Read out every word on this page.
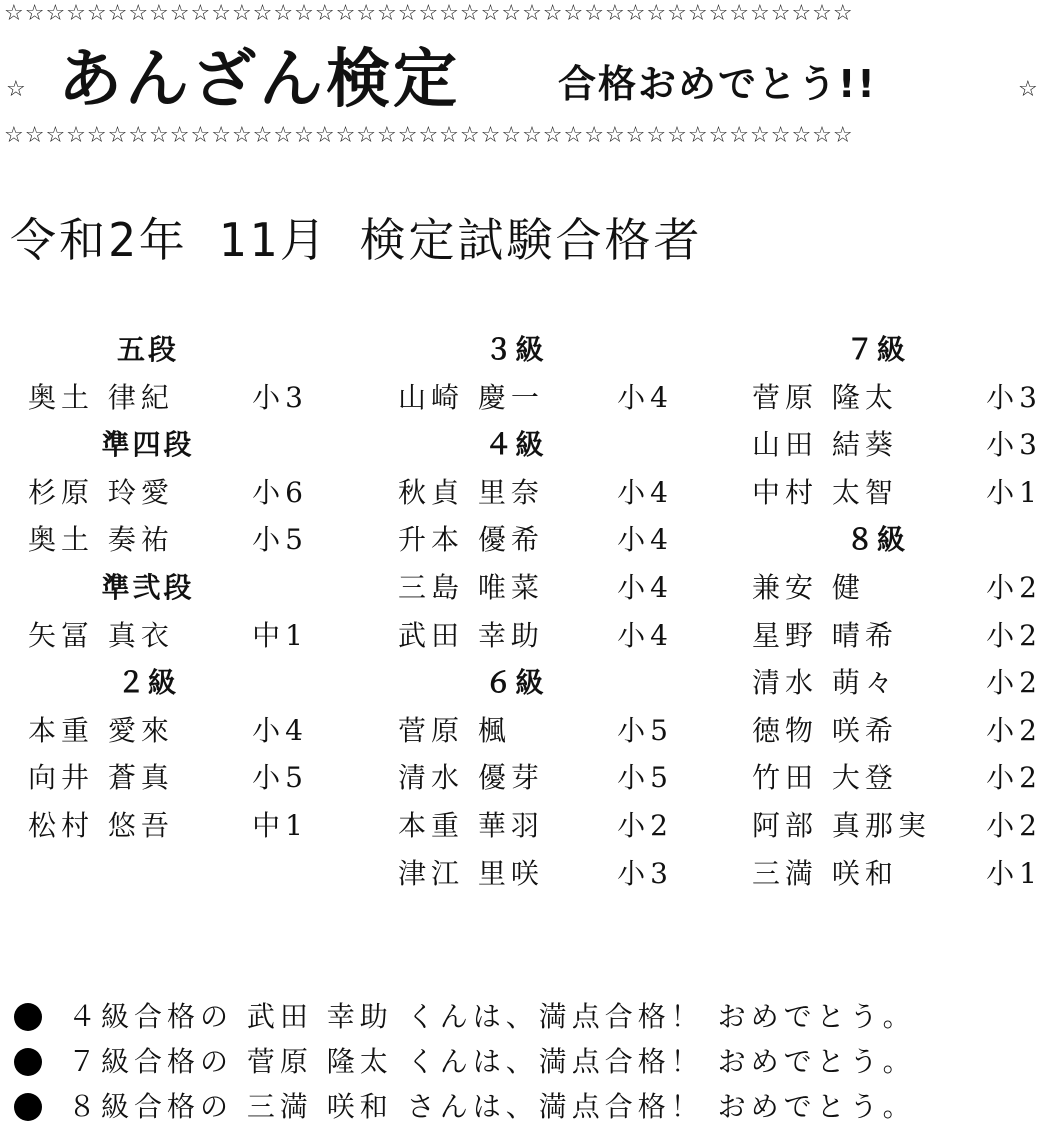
☆☆☆☆☆☆☆☆☆☆☆☆☆☆☆☆☆☆☆☆☆☆☆☆☆☆☆☆☆☆☆☆☆☆☆☆☆☆☆☆☆
☆ あんざん検定	合格おめでとう!!	☆
☆☆☆☆☆☆☆☆☆☆☆☆☆☆☆☆☆☆☆☆☆☆☆☆☆☆☆☆☆☆☆☆☆☆☆☆☆☆☆☆☆
令和2年 11月 検定試験合格者
五段
奥土 律紀	小3
準四段
杉原 玲愛	小6
奥土 奏祐	小5
準弐段
矢冨 真衣	中1
２級
本重 愛來	小4
向井 蒼真	小5
松村 悠吾	中1
３級
山崎 慶一	小4
４級
秋貞 里奈	小4
升本 優希	小4
三島 唯菜	小4
武田 幸助	小4
６級
菅原 楓	小5
清水 優芽	小5
本重 華羽	小2
津江 里咲	小3
７級
菅原 隆太	小3
山田 結葵	小3
中村 太智	小1
８級
兼安 健	小2
星野 晴希	小2
清水 萌々	小2
徳物 咲希	小2
竹田 大登	小2
阿部 真那実 小2
三満 咲和	小1
４級合格の 武田 幸助 くんは、満点合格！ おめでとう。
７級合格の 菅原 隆太 くんは、満点合格！ おめでとう。
８級合格の 三満 咲和 さんは、満点合格！ おめでとう。
